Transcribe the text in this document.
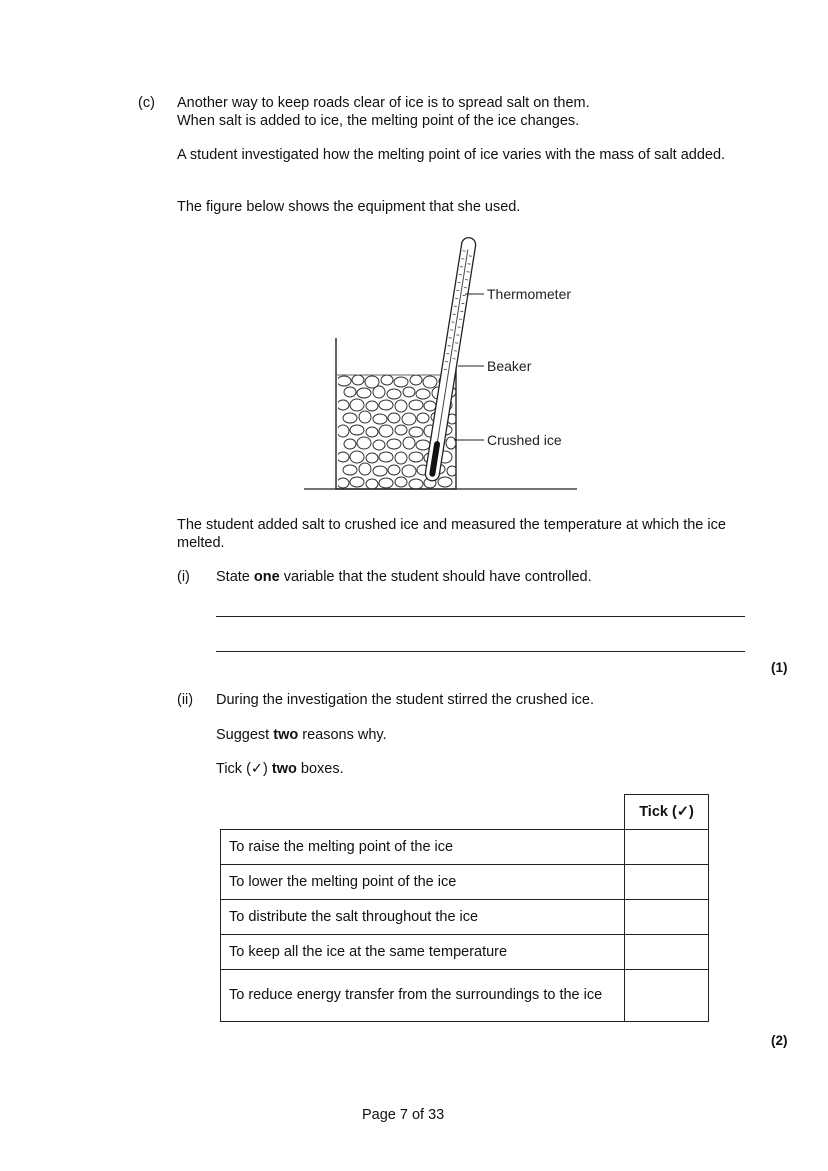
(c) Another way to keep roads clear of ice is to spread salt on them.
When salt is added to ice, the melting point of the ice changes.
A student investigated how the melting point of ice varies with the mass of salt added.
The figure below shows the equipment that she used.
Thermometer
Beaker
Crushed ice
The student added salt to crushed ice and measured the temperature at which the ice melted.
(i) State one variable that the student should have controlled.
(1)
(ii) During the investigation the student stirred the crushed ice.
Suggest two reasons why.
Tick (✓) two boxes.
	Tick (✓)
To raise the melting point of the ice	
To lower the melting point of the ice	
To distribute the salt throughout the ice	
To keep all the ice at the same temperature	
To reduce energy transfer from the surroundings to the ice	
(2)
Page 7 of 33
